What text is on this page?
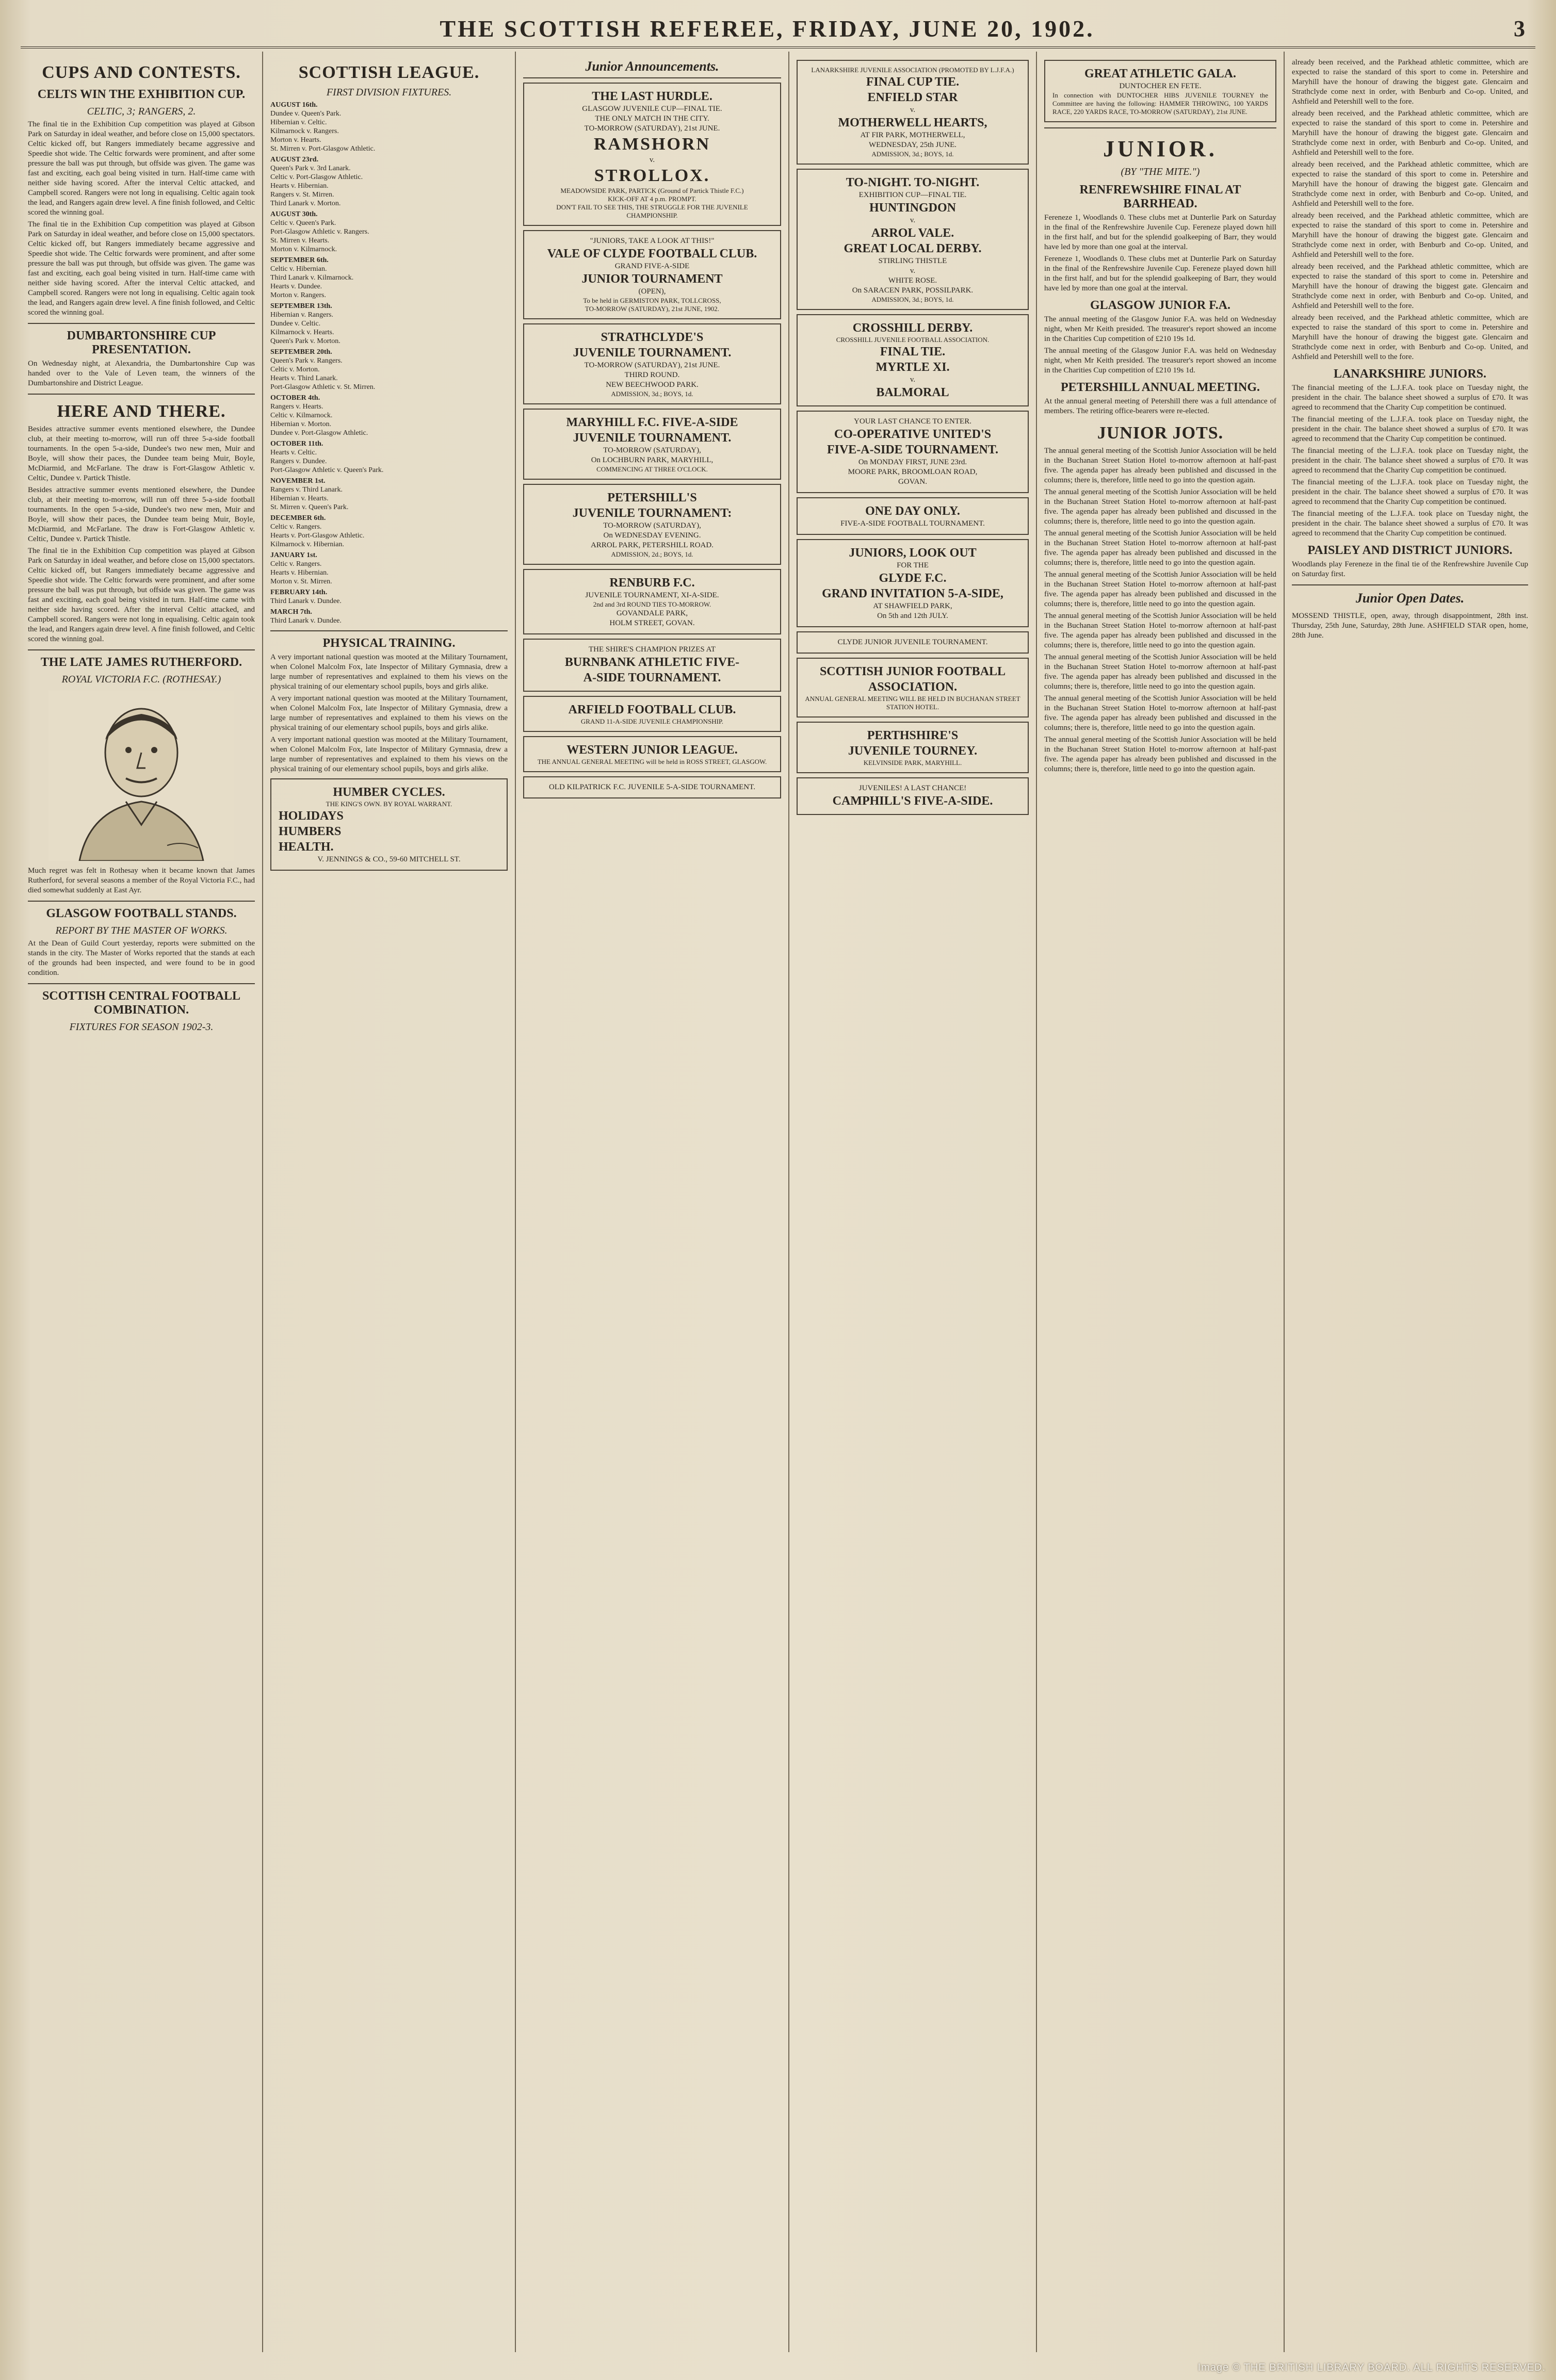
THE SCOTTISH REFEREE, FRIDAY, JUNE 20, 1902.	3
CUPS AND CONTESTS.
CELTS WIN THE EXHIBITION CUP.
CELTIC, 3; RANGERS, 2.

The final tie in the Exhibition Cup competition was played at Gibson Park on Saturday in ideal weather, and before close on 15,000 spectators. Celtic kicked off, but Rangers immediately became aggressive and Speedie shot wide. The Celtic forwards were prominent, and after some pressure the ball was put through, but offside was given. The game was fast and exciting, each goal being visited in turn. Half-time came with neither side having scored. After the interval Celtic attacked, and Campbell scored. Rangers were not long in equalising. Celtic again took the lead, and Rangers again drew level. A fine finish followed, and Celtic scored the winning goal.

The final tie in the Exhibition Cup competition was played at Gibson Park on Saturday in ideal weather, and before close on 15,000 spectators. Celtic kicked off, but Rangers immediately became aggressive and Speedie shot wide. The Celtic forwards were prominent, and after some pressure the ball was put through, but offside was given. The game was fast and exciting, each goal being visited in turn. Half-time came with neither side having scored. After the interval Celtic attacked, and Campbell scored. Rangers were not long in equalising. Celtic again took the lead, and Rangers again drew level. A fine finish followed, and Celtic scored the winning goal.

DUMBARTONSHIRE CUP PRESENTATION.

On Wednesday night, at Alexandria, the Dumbartonshire Cup was handed over to the Vale of Leven team, the winners of the Dumbartonshire and District League.

HERE AND THERE.

Besides attractive summer events mentioned elsewhere, the Dundee club, at their meeting to-morrow, will run off three 5-a-side football tournaments. In the open 5-a-side, Dundee's two new men, Muir and Boyle, will show their paces, the Dundee team being Muir, Boyle, McDiarmid, and McFarlane. The draw is Fort-Glasgow Athletic v. Celtic, Dundee v. Partick Thistle.

Besides attractive summer events mentioned elsewhere, the Dundee club, at their meeting to-morrow, will run off three 5-a-side football tournaments. In the open 5-a-side, Dundee's two new men, Muir and Boyle, will show their paces, the Dundee team being Muir, Boyle, McDiarmid, and McFarlane. The draw is Fort-Glasgow Athletic v. Celtic, Dundee v. Partick Thistle.

The final tie in the Exhibition Cup competition was played at Gibson Park on Saturday in ideal weather, and before close on 15,000 spectators. Celtic kicked off, but Rangers immediately became aggressive and Speedie shot wide. The Celtic forwards were prominent, and after some pressure the ball was put through, but offside was given. The game was fast and exciting, each goal being visited in turn. Half-time came with neither side having scored. After the interval Celtic attacked, and Campbell scored. Rangers were not long in equalising. Celtic again took the lead, and Rangers again drew level. A fine finish followed, and Celtic scored the winning goal.

THE LATE JAMES RUTHERFORD.
ROYAL VICTORIA F.C. (ROTHESAY.)

Much regret was felt in Rothesay when it became known that James Rutherford, for several seasons a member of the Royal Victoria F.C., had died somewhat suddenly at East Ayr.

GLASGOW FOOTBALL STANDS.
REPORT BY THE MASTER OF WORKS.

At the Dean of Guild Court yesterday, reports were submitted on the stands in the city. The Master of Works reported that the stands at each of the grounds had been inspected, and were found to be in good condition.

SCOTTISH CENTRAL FOOTBALL COMBINATION.
FIXTURES FOR SEASON 1902-3.
SCOTTISH LEAGUE.
FIRST DIVISION FIXTURES.
AUGUST 16th.
Dundee v. Queen's Park.
Hibernian v. Celtic.
Kilmarnock v. Rangers.
Morton v. Hearts.
St. Mirren v. Port-Glasgow Athletic.
AUGUST 23rd.
Queen's Park v. 3rd Lanark.
Celtic v. Port-Glasgow Athletic.
Hearts v. Hibernian.
Rangers v. St. Mirren.
Third Lanark v. Morton.
AUGUST 30th.
Celtic v. Queen's Park.
Port-Glasgow Athletic v. Rangers.
St. Mirren v. Hearts.
Morton v. Kilmarnock.
SEPTEMBER 6th.
Celtic v. Hibernian.
Third Lanark v. Kilmarnock.
Hearts v. Dundee.
Morton v. Rangers.
SEPTEMBER 13th.
Hibernian v. Rangers.
Dundee v. Celtic.
Kilmarnock v. Hearts.
Queen's Park v. Morton.
SEPTEMBER 20th.
Queen's Park v. Rangers.
Celtic v. Morton.
Hearts v. Third Lanark.
Port-Glasgow Athletic v. St. Mirren.
OCTOBER 4th.
Rangers v. Hearts.
Celtic v. Kilmarnock.
Hibernian v. Morton.
Dundee v. Port-Glasgow Athletic.
OCTOBER 11th.
Hearts v. Celtic.
Rangers v. Dundee.
Port-Glasgow Athletic v. Queen's Park.
NOVEMBER 1st.
Rangers v. Third Lanark.
Hibernian v. Hearts.
St. Mirren v. Queen's Park.
DECEMBER 6th.
Celtic v. Rangers.
Hearts v. Port-Glasgow Athletic.
Kilmarnock v. Hibernian.
JANUARY 1st.
Celtic v. Rangers.
Hearts v. Hibernian.
Morton v. St. Mirren.
FEBRUARY 14th.
Third Lanark v. Dundee.
MARCH 7th.
Third Lanark v. Dundee.
PHYSICAL TRAINING.

A very important national question was mooted at the Military Tournament, when Colonel Malcolm Fox, late Inspector of Military Gymnasia, drew a large number of representatives and explained to them his views on the physical training of our elementary school pupils, boys and girls alike.

A very important national question was mooted at the Military Tournament, when Colonel Malcolm Fox, late Inspector of Military Gymnasia, drew a large number of representatives and explained to them his views on the physical training of our elementary school pupils, boys and girls alike.

A very important national question was mooted at the Military Tournament, when Colonel Malcolm Fox, late Inspector of Military Gymnasia, drew a large number of representatives and explained to them his views on the physical training of our elementary school pupils, boys and girls alike.

HUMBER CYCLES.
THE KING'S OWN. BY ROYAL WARRANT.
HOLIDAYS
HUMBERS
HEALTH.
V. JENNINGS & CO., 59-60 MITCHELL ST.
Junior Announcements.
THE LAST HURDLE.
GLASGOW JUVENILE CUP—FINAL TIE.
THE ONLY MATCH IN THE CITY.
TO-MORROW (SATURDAY), 21st JUNE.
RAMSHORN
v.
STROLLOX.
MEADOWSIDE PARK, PARTICK (Ground of Partick Thistle F.C.)
KICK-OFF AT 4 p.m. PROMPT.
DON'T FAIL TO SEE THIS, THE STRUGGLE FOR THE JUVENILE CHAMPIONSHIP.
"JUNIORS, TAKE A LOOK AT THIS!"
VALE OF CLYDE FOOTBALL CLUB.
GRAND FIVE-A-SIDE
JUNIOR TOURNAMENT
(OPEN),
To be held in GERMISTON PARK, TOLLCROSS,
TO-MORROW (SATURDAY), 21st JUNE, 1902.
STRATHCLYDE'S
JUVENILE TOURNAMENT.
TO-MORROW (SATURDAY), 21st JUNE.
THIRD ROUND.
NEW BEECHWOOD PARK.
ADMISSION, 3d.; BOYS, 1d.
MARYHILL F.C. FIVE-A-SIDE
JUVENILE TOURNAMENT.
TO-MORROW (SATURDAY),
On LOCHBURN PARK, MARYHILL,
COMMENCING AT THREE O'CLOCK.
PETERSHILL'S
JUVENILE TOURNAMENT:
TO-MORROW (SATURDAY),
On WEDNESDAY EVENING.
ARROL PARK, PETERSHILL ROAD.
ADMISSION, 2d.; BOYS, 1d.
RENBURB F.C.
JUVENILE TOURNAMENT, XI-A-SIDE.
2nd and 3rd ROUND TIES TO-MORROW.
GOVANDALE PARK,
HOLM STREET, GOVAN.
THE SHIRE'S CHAMPION PRIZES AT
BURNBANK ATHLETIC FIVE-
A-SIDE TOURNAMENT.
ARFIELD FOOTBALL CLUB.
GRAND 11-A-SIDE JUVENILE CHAMPIONSHIP.
WESTERN JUNIOR LEAGUE.
THE ANNUAL GENERAL MEETING will be held in ROSS STREET, GLASGOW.
OLD KILPATRICK F.C. JUVENILE 5-A-SIDE TOURNAMENT.
LANARKSHIRE JUVENILE ASSOCIATION (PROMOTED BY L.J.F.A.)
FINAL CUP TIE.
ENFIELD STAR
v.
MOTHERWELL HEARTS,
AT FIR PARK, MOTHERWELL,
WEDNESDAY, 25th JUNE.
ADMISSION, 3d.; BOYS, 1d.
TO-NIGHT. TO-NIGHT.
EXHIBITION CUP—FINAL TIE.
HUNTINGDON
v.
ARROL VALE.
GREAT LOCAL DERBY.
STIRLING THISTLE
v.
WHITE ROSE.
On SARACEN PARK, POSSILPARK.
ADMISSION, 3d.; BOYS, 1d.
CROSSHILL DERBY.
CROSSHILL JUVENILE FOOTBALL ASSOCIATION.
FINAL TIE.
MYRTLE XI.
v.
BALMORAL
YOUR LAST CHANCE TO ENTER.
CO-OPERATIVE UNITED'S
FIVE-A-SIDE TOURNAMENT.
On MONDAY FIRST, JUNE 23rd.
MOORE PARK, BROOMLOAN ROAD,
GOVAN.
ONE DAY ONLY.
FIVE-A-SIDE FOOTBALL TOURNAMENT.
JUNIORS, LOOK OUT
FOR THE
GLYDE F.C.
GRAND INVITATION 5-A-SIDE,
AT SHAWFIELD PARK,
On 5th and 12th JULY.
CLYDE JUNIOR JUVENILE TOURNAMENT.
SCOTTISH JUNIOR FOOTBALL
ASSOCIATION.
ANNUAL GENERAL MEETING WILL BE HELD IN BUCHANAN STREET STATION HOTEL.
PERTHSHIRE'S
JUVENILE TOURNEY.
KELVINSIDE PARK, MARYHILL.
JUVENILES! A LAST CHANCE!
CAMPHILL'S FIVE-A-SIDE.
GREAT ATHLETIC GALA.
DUNTOCHER EN FETE.
In connection with DUNTOCHER HIBS JUVENILE TOURNEY the Committee are having the following: HAMMER THROWING, 100 YARDS RACE, 220 YARDS RACE, TO-MORROW (SATURDAY), 21st JUNE.
JUNIOR.
(BY "THE MITE.")
RENFREWSHIRE FINAL AT BARRHEAD.

Fereneze 1, Woodlands 0. These clubs met at Dunterlie Park on Saturday in the final of the Renfrewshire Juvenile Cup. Fereneze played down hill in the first half, and but for the splendid goalkeeping of Barr, they would have led by more than one goal at the interval.

Fereneze 1, Woodlands 0. These clubs met at Dunterlie Park on Saturday in the final of the Renfrewshire Juvenile Cup. Fereneze played down hill in the first half, and but for the splendid goalkeeping of Barr, they would have led by more than one goal at the interval.

GLASGOW JUNIOR F.A.

The annual meeting of the Glasgow Junior F.A. was held on Wednesday night, when Mr Keith presided. The treasurer's report showed an income in the Charities Cup competition of £210 19s 1d.

The annual meeting of the Glasgow Junior F.A. was held on Wednesday night, when Mr Keith presided. The treasurer's report showed an income in the Charities Cup competition of £210 19s 1d.

PETERSHILL ANNUAL MEETING.

At the annual general meeting of Petershill there was a full attendance of members. The retiring office-bearers were re-elected.

JUNIOR JOTS.

The annual general meeting of the Scottish Junior Association will be held in the Buchanan Street Station Hotel to-morrow afternoon at half-past five. The agenda paper has already been published and discussed in the columns; there is, therefore, little need to go into the question again.

The annual general meeting of the Scottish Junior Association will be held in the Buchanan Street Station Hotel to-morrow afternoon at half-past five. The agenda paper has already been published and discussed in the columns; there is, therefore, little need to go into the question again.

The annual general meeting of the Scottish Junior Association will be held in the Buchanan Street Station Hotel to-morrow afternoon at half-past five. The agenda paper has already been published and discussed in the columns; there is, therefore, little need to go into the question again.

The annual general meeting of the Scottish Junior Association will be held in the Buchanan Street Station Hotel to-morrow afternoon at half-past five. The agenda paper has already been published and discussed in the columns; there is, therefore, little need to go into the question again.

The annual general meeting of the Scottish Junior Association will be held in the Buchanan Street Station Hotel to-morrow afternoon at half-past five. The agenda paper has already been published and discussed in the columns; there is, therefore, little need to go into the question again.

The annual general meeting of the Scottish Junior Association will be held in the Buchanan Street Station Hotel to-morrow afternoon at half-past five. The agenda paper has already been published and discussed in the columns; there is, therefore, little need to go into the question again.

The annual general meeting of the Scottish Junior Association will be held in the Buchanan Street Station Hotel to-morrow afternoon at half-past five. The agenda paper has already been published and discussed in the columns; there is, therefore, little need to go into the question again.

The annual general meeting of the Scottish Junior Association will be held in the Buchanan Street Station Hotel to-morrow afternoon at half-past five. The agenda paper has already been published and discussed in the columns; there is, therefore, little need to go into the question again.

already been received, and the Parkhead athletic committee, which are expected to raise the standard of this sport to come in. Petershire and Maryhill have the honour of drawing the biggest gate. Glencairn and Strathclyde come next in order, with Benburb and Co-op. United, and Ashfield and Petershill well to the fore.

already been received, and the Parkhead athletic committee, which are expected to raise the standard of this sport to come in. Petershire and Maryhill have the honour of drawing the biggest gate. Glencairn and Strathclyde come next in order, with Benburb and Co-op. United, and Ashfield and Petershill well to the fore.

already been received, and the Parkhead athletic committee, which are expected to raise the standard of this sport to come in. Petershire and Maryhill have the honour of drawing the biggest gate. Glencairn and Strathclyde come next in order, with Benburb and Co-op. United, and Ashfield and Petershill well to the fore.

already been received, and the Parkhead athletic committee, which are expected to raise the standard of this sport to come in. Petershire and Maryhill have the honour of drawing the biggest gate. Glencairn and Strathclyde come next in order, with Benburb and Co-op. United, and Ashfield and Petershill well to the fore.

already been received, and the Parkhead athletic committee, which are expected to raise the standard of this sport to come in. Petershire and Maryhill have the honour of drawing the biggest gate. Glencairn and Strathclyde come next in order, with Benburb and Co-op. United, and Ashfield and Petershill well to the fore.

already been received, and the Parkhead athletic committee, which are expected to raise the standard of this sport to come in. Petershire and Maryhill have the honour of drawing the biggest gate. Glencairn and Strathclyde come next in order, with Benburb and Co-op. United, and Ashfield and Petershill well to the fore.

LANARKSHIRE JUNIORS.

The financial meeting of the L.J.F.A. took place on Tuesday night, the president in the chair. The balance sheet showed a surplus of £70. It was agreed to recommend that the Charity Cup competition be continued.

The financial meeting of the L.J.F.A. took place on Tuesday night, the president in the chair. The balance sheet showed a surplus of £70. It was agreed to recommend that the Charity Cup competition be continued.

The financial meeting of the L.J.F.A. took place on Tuesday night, the president in the chair. The balance sheet showed a surplus of £70. It was agreed to recommend that the Charity Cup competition be continued.

The financial meeting of the L.J.F.A. took place on Tuesday night, the president in the chair. The balance sheet showed a surplus of £70. It was agreed to recommend that the Charity Cup competition be continued.

The financial meeting of the L.J.F.A. took place on Tuesday night, the president in the chair. The balance sheet showed a surplus of £70. It was agreed to recommend that the Charity Cup competition be continued.

PAISLEY AND DISTRICT JUNIORS.

Woodlands play Fereneze in the final tie of the Renfrewshire Juvenile Cup on Saturday first.

Junior Open Dates.

MOSSEND THISTLE, open, away, through disappointment, 28th inst. Thursday, 25th June, Saturday, 28th June. ASHFIELD STAR open, home, 28th June.

Image © THE BRITISH LIBRARY BOARD. ALL RIGHTS RESERVED.
